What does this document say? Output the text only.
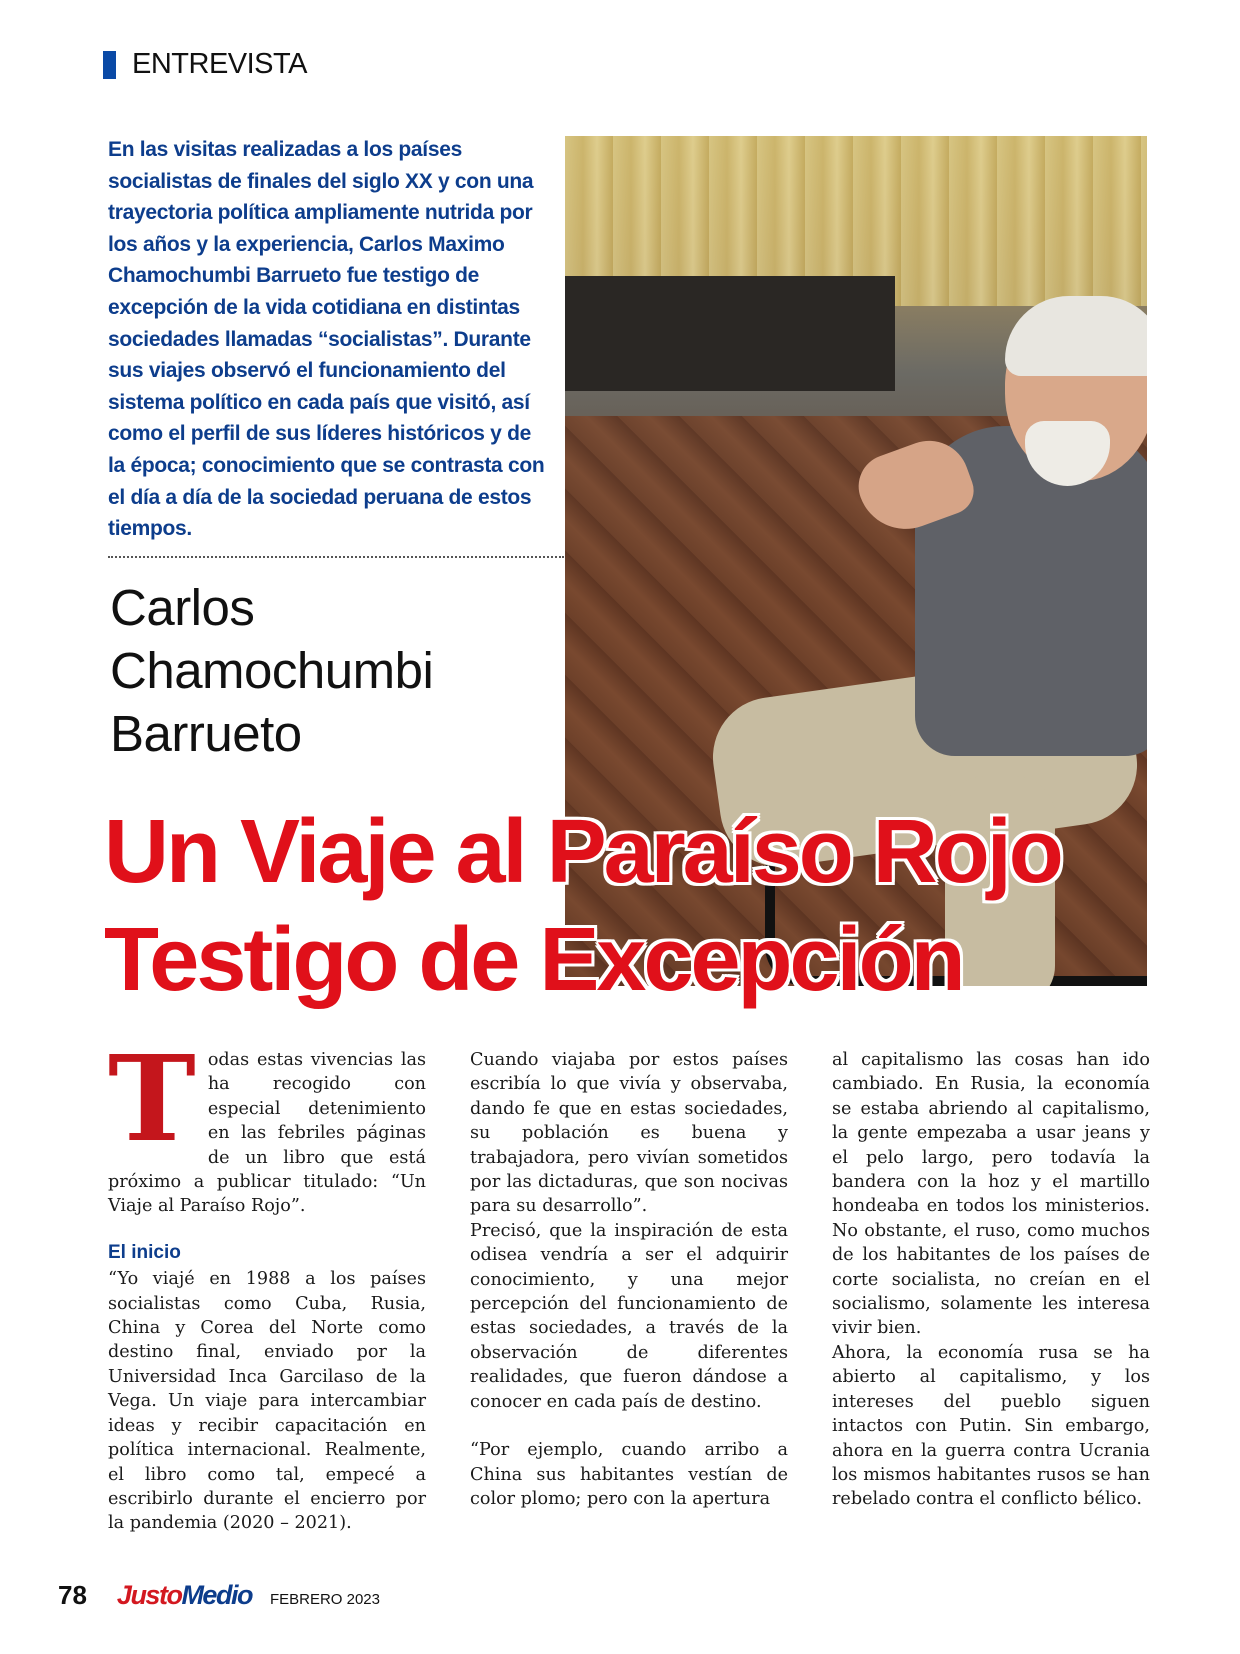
ENTREVISTA

En las visitas realizadas a los países socialistas de finales del siglo XX y con una trayectoria política ampliamente nutrida por los años y la experiencia, Carlos Maximo Chamochumbi Barrueto fue testigo de excepción de la vida cotidiana en distintas sociedades llamadas “socialistas”. Durante sus viajes observó el funcionamiento del sistema político en cada país que visitó, así como el perfil de sus líderes históricos y de la época; conocimiento que se contrasta con el día a día de la sociedad peruana de estos tiempos.

Carlos
Chamochumbi
Barrueto
Un Viaje al Paraíso Rojo
Testigo de Excepción

T odas estas vivencias las ha recogido con especial detenimiento en las febriles páginas de un libro que está próximo a publicar titulado: “Un Viaje al Paraíso Rojo”.

El inicio

“Yo viajé en 1988 a los países socialistas como Cuba, Rusia, China y Corea del Norte como destino final, enviado por la Universidad Inca Garcilaso de la Vega. Un viaje para intercambiar ideas y recibir capacitación en política internacional. Realmente, el libro como tal, empecé a escribirlo durante el encierro por la pandemia (2020 – 2021).

Cuando viajaba por estos países escribía lo que vivía y observaba, dando fe que en estas sociedades, su población es buena y trabajadora, pero vivían sometidos por las dictaduras, que son nocivas para su desarrollo”.

Precisó, que la inspiración de esta odisea vendría a ser el adquirir conocimiento, y una mejor percepción del funcionamiento de estas sociedades, a través de la observación de diferentes realidades, que fueron dándose a conocer en cada país de destino.

“Por ejemplo, cuando arribo a China sus habitantes vestían de color plomo; pero con la apertura

al capitalismo las cosas han ido cambiado. En Rusia, la economía se estaba abriendo al capitalismo, la gente empezaba a usar jeans y el pelo largo, pero todavía la bandera con la hoz y el martillo hondeaba en todos los ministerios. No obstante, el ruso, como muchos de los habitantes de los países de corte socialista, no creían en el socialismo, solamente les interesa vivir bien.

Ahora, la economía rusa se ha abierto al capitalismo, y los intereses del pueblo siguen intactos con Putin. Sin embargo, ahora en la guerra contra Ucrania los mismos habitantes rusos se han rebelado contra el conflicto bélico.

78 JustoMedio FEBRERO 2023
